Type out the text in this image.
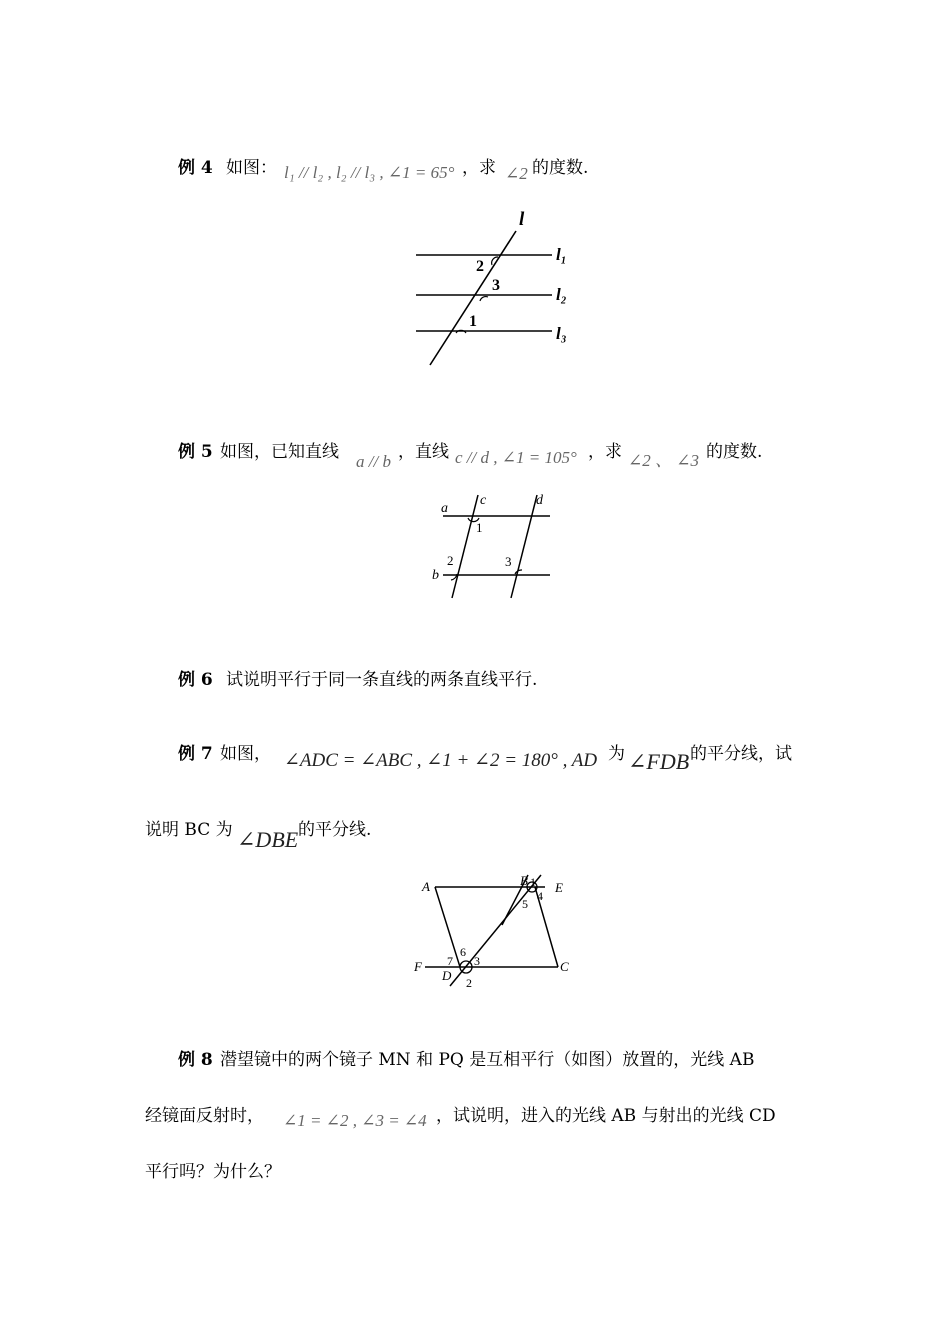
例 4 如图： l₁ // l₂ , l₂ // l₃ , ∠1 = 65° ，求 ∠2 的度数.
l
l₁
l₂
l₃
2
3
1
例 5 如图，已知直线 a // b ，直线 c // d , ∠1 = 105° ，求 ∠2 、 ∠3 的度数.
a
c	d
b
1
2	3
例 6 试说明平行于同一条直线的两条直线平行.
例 7 如图， ∠ADC = ∠ABC , ∠1 + ∠2 = 180° , AD 为 ∠FDB 的平分线，试
说明 BC 为 ∠DBE 的平分线.
A	B E
F
D
C
1
2
3
4
5
6
7
例 8 潜望镜中的两个镜子 MN 和 PQ 是互相平行（如图）放置的，光线 AB
经镜面反射时， ∠1 = ∠2 , ∠3 = ∠4 ，试说明，进入的光线 AB 与射出的光线 CD
平行吗？为什么？
